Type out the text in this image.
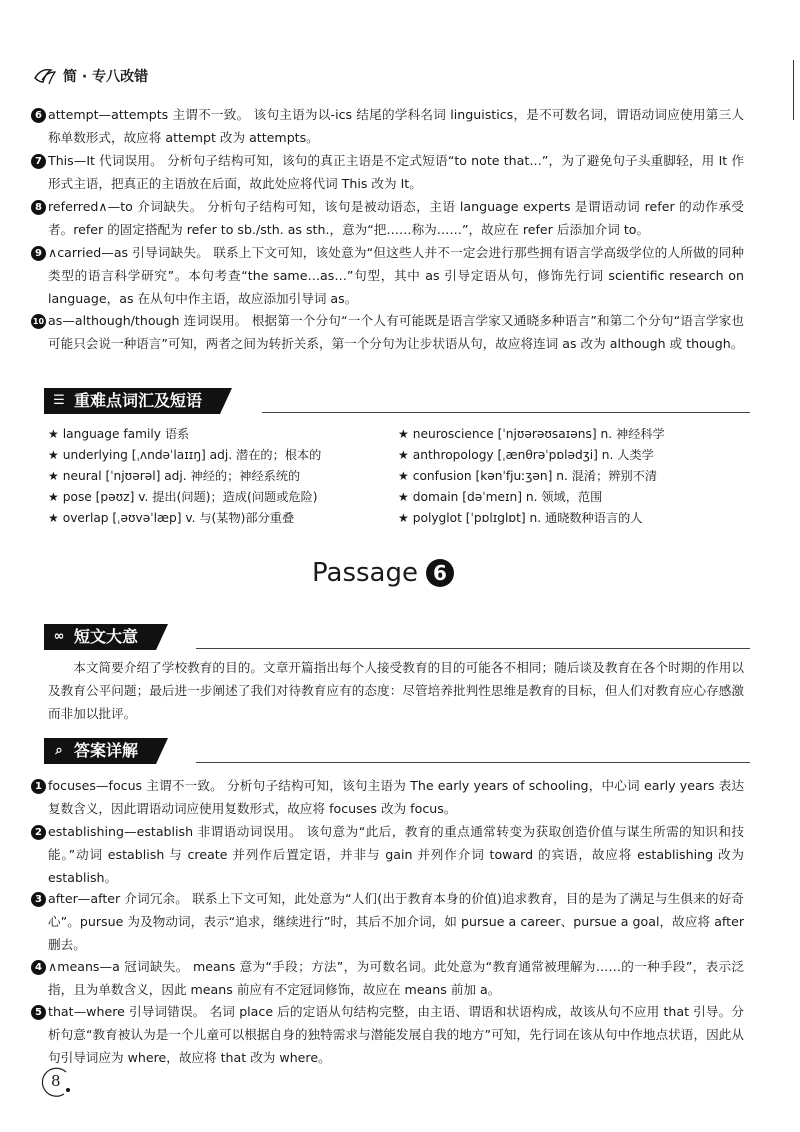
简 · 专八改错
6 attempt—attempts 主谓不一致。 该句主语为以-ics 结尾的学科名词 linguistics，是不可数名词，谓语动词应使用第三人称单数形式，故应将 attempt 改为 attempts。
7 This—It 代词误用。 分析句子结构可知，该句的真正主语是不定式短语“to note that…”，为了避免句子头重脚轻，用 It 作形式主语，把真正的主语放在后面，故此处应将代词 This 改为 It。
8 referred∧—to 介词缺失。 分析句子结构可知，该句是被动语态，主语 language experts 是谓语动词 refer 的动作承受者。refer 的固定搭配为 refer to sb./sth. as sth.，意为“把……称为……”，故应在 refer 后添加介词 to。
9 ∧carried—as 引导词缺失。 联系上下文可知，该处意为“但这些人并不一定会进行那些拥有语言学高级学位的人所做的同种类型的语言科学研究”。本句考查“the same…as…”句型，其中 as 引导定语从句，修饰先行词 scientific research on language，as 在从句中作主语，故应添加引导词 as。
10 as—although/though 连词误用。 根据第一个分句“一个人有可能既是语言学家又通晓多种语言”和第二个分句“语言学家也可能只会说一种语言”可知，两者之间为转折关系，第一个分句为让步状语从句，故应将连词 as 改为 although 或 though。
☰ 重难点词汇及短语
★ language family 语系
★ underlying [ˌʌndəˈlaɪɪŋ] adj. 潜在的；根本的
★ neural [ˈnjʊərəl] adj. 神经的；神经系统的
★ pose [pəʊz] v. 提出(问题)；造成(问题或危险)
★ overlap [ˌəʊvəˈlæp] v. 与(某物)部分重叠
★ neuroscience [ˈnjʊərəʊsaɪəns] n. 神经科学
★ anthropology [ˌænθrəˈpɒlədʒi] n. 人类学
★ confusion [kənˈfjuːʒən] n. 混淆；辨别不清
★ domain [dəˈmeɪn] n. 领域，范围
★ polyglot [ˈpɒlɪglɒt] n. 通晓数种语言的人
Passage 6
∞ 短文大意
本文简要介绍了学校教育的目的。文章开篇指出每个人接受教育的目的可能各不相同；随后谈及教育在各个时期的作用以及教育公平问题；最后进一步阐述了我们对待教育应有的态度：尽管培养批判性思维是教育的目标，但人们对教育应心存感激而非加以批评。
⌕ 答案详解
1 focuses—focus 主谓不一致。 分析句子结构可知，该句主语为 The early years of schooling，中心词 early years 表达复数含义，因此谓语动词应使用复数形式，故应将 focuses 改为 focus。
2 establishing—establish 非谓语动词误用。 该句意为“此后，教育的重点通常转变为获取创造价值与谋生所需的知识和技能。”动词 establish 与 create 并列作后置定语，并非与 gain 并列作介词 toward 的宾语，故应将 establishing 改为 establish。
3 after—after 介词冗余。 联系上下文可知，此处意为“人们(出于教育本身的价值)追求教育，目的是为了满足与生俱来的好奇心”。pursue 为及物动词，表示“追求，继续进行”时，其后不加介词，如 pursue a career、pursue a goal，故应将 after 删去。
4 ∧means—a 冠词缺失。 means 意为“手段；方法”，为可数名词。此处意为“教育通常被理解为……的一种手段”，表示泛指，且为单数含义，因此 means 前应有不定冠词修饰，故应在 means 前加 a。
5 that—where 引导词错误。 名词 place 后的定语从句结构完整，由主语、谓语和状语构成，故该从句不应用 that 引导。分析句意“教育被认为是一个儿童可以根据自身的独特需求与潜能发展自我的地方”可知，先行词在该从句中作地点状语，因此从句引导词应为 where，故应将 that 改为 where。
8
